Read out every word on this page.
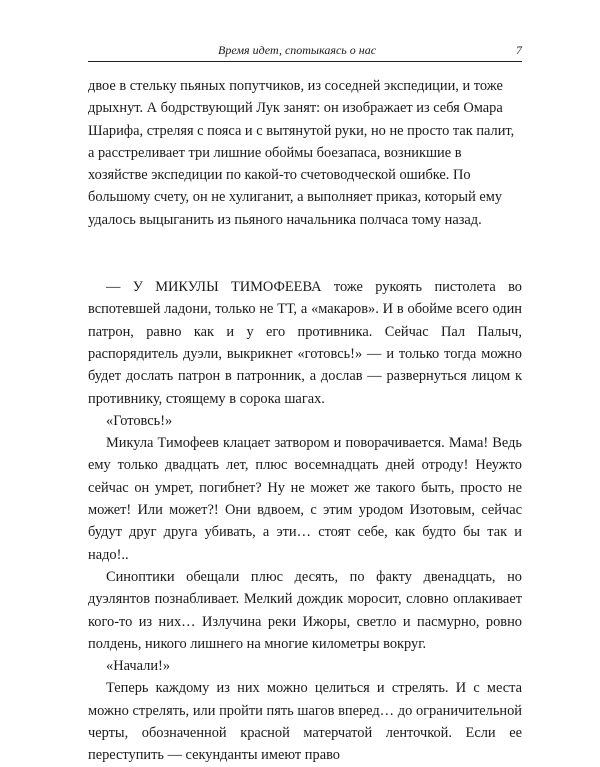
Время идет, спотыкаясь о нас	7

двое в стельку пьяных попутчиков, из соседней экспедиции, и тоже дрыхнут. А бодрствующий Лук занят: он изображает из себя Омара Шарифа, стреляя с пояса и с вытянутой руки, но не просто так палит, а расстреливает три лишние обоймы боезапаса, возникшие в хозяйстве экспедиции по какой-то счетоводческой ошибке. По большому счету, он не хулиганит, а выполняет приказ, который ему удалось выцыганить из пьяного начальника полчаса тому назад.

— У МИКУЛЫ ТИМОФЕЕВА тоже рукоять пистолета во вспотевшей ладони, только не ТТ, а «макаров». И в обойме всего один патрон, равно как и у его противника. Сейчас Пал Палыч, распорядитель дуэли, выкрикнет «готовсь!» — и только тогда можно будет дослать патрон в патронник, а дослав — развернуться лицом к противнику, стоящему в сорока шагах.

«Готовсь!»

Микула Тимофеев клацает затвором и поворачивается. Мама! Ведь ему только двадцать лет, плюс восемнадцать дней отроду! Неужто сейчас он умрет, погибнет? Ну не может же такого быть, просто не может! Или может?! Они вдвоем, с этим уродом Изотовым, сейчас будут друг друга убивать, а эти… стоят себе, как будто бы так и надо!..

Синоптики обещали плюс десять, по факту двенадцать, но дуэлянтов познабливает. Мелкий дождик моросит, словно оплакивает кого-то из них… Излучина реки Ижоры, светло и пасмурно, ровно полдень, никого лишнего на многие километры вокруг.

«Начали!»

Теперь каждому из них можно целиться и стрелять. И с места можно стрелять, или пройти пять шагов вперед… до ограничительной черты, обозначенной красной матерчатой ленточкой. Если ее переступить — секунданты имеют право
